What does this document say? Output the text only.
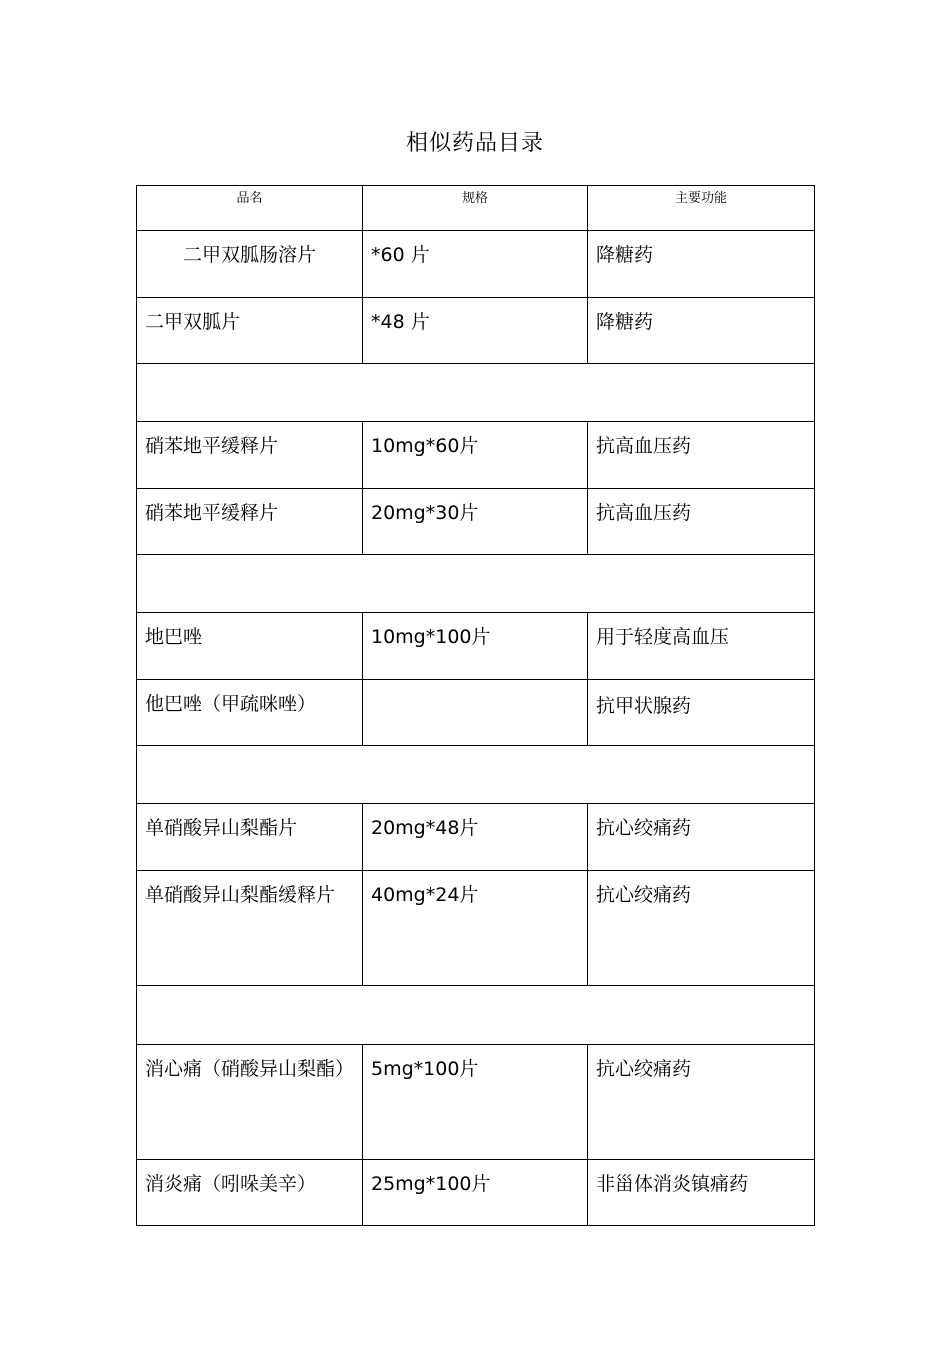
相似药品目录
品名	规格	主要功能
二甲双胍肠溶片	*60 片	降糖药
二甲双胍片	*48 片	降糖药

硝苯地平缓释片	10mg*60片	抗高血压药
硝苯地平缓释片	20mg*30片	抗高血压药

地巴唑	10mg*100片	用于轻度高血压
他巴唑（甲疏咪唑）		抗甲状腺药

单硝酸异山梨酯片	20mg*48片	抗心绞痛药
单硝酸异山梨酯缓释片	40mg*24片	抗心绞痛药

消心痛（硝酸异山梨酯）	5mg*100片	抗心绞痛药
消炎痛（吲哚美辛）	25mg*100片	非甾体消炎镇痛药
